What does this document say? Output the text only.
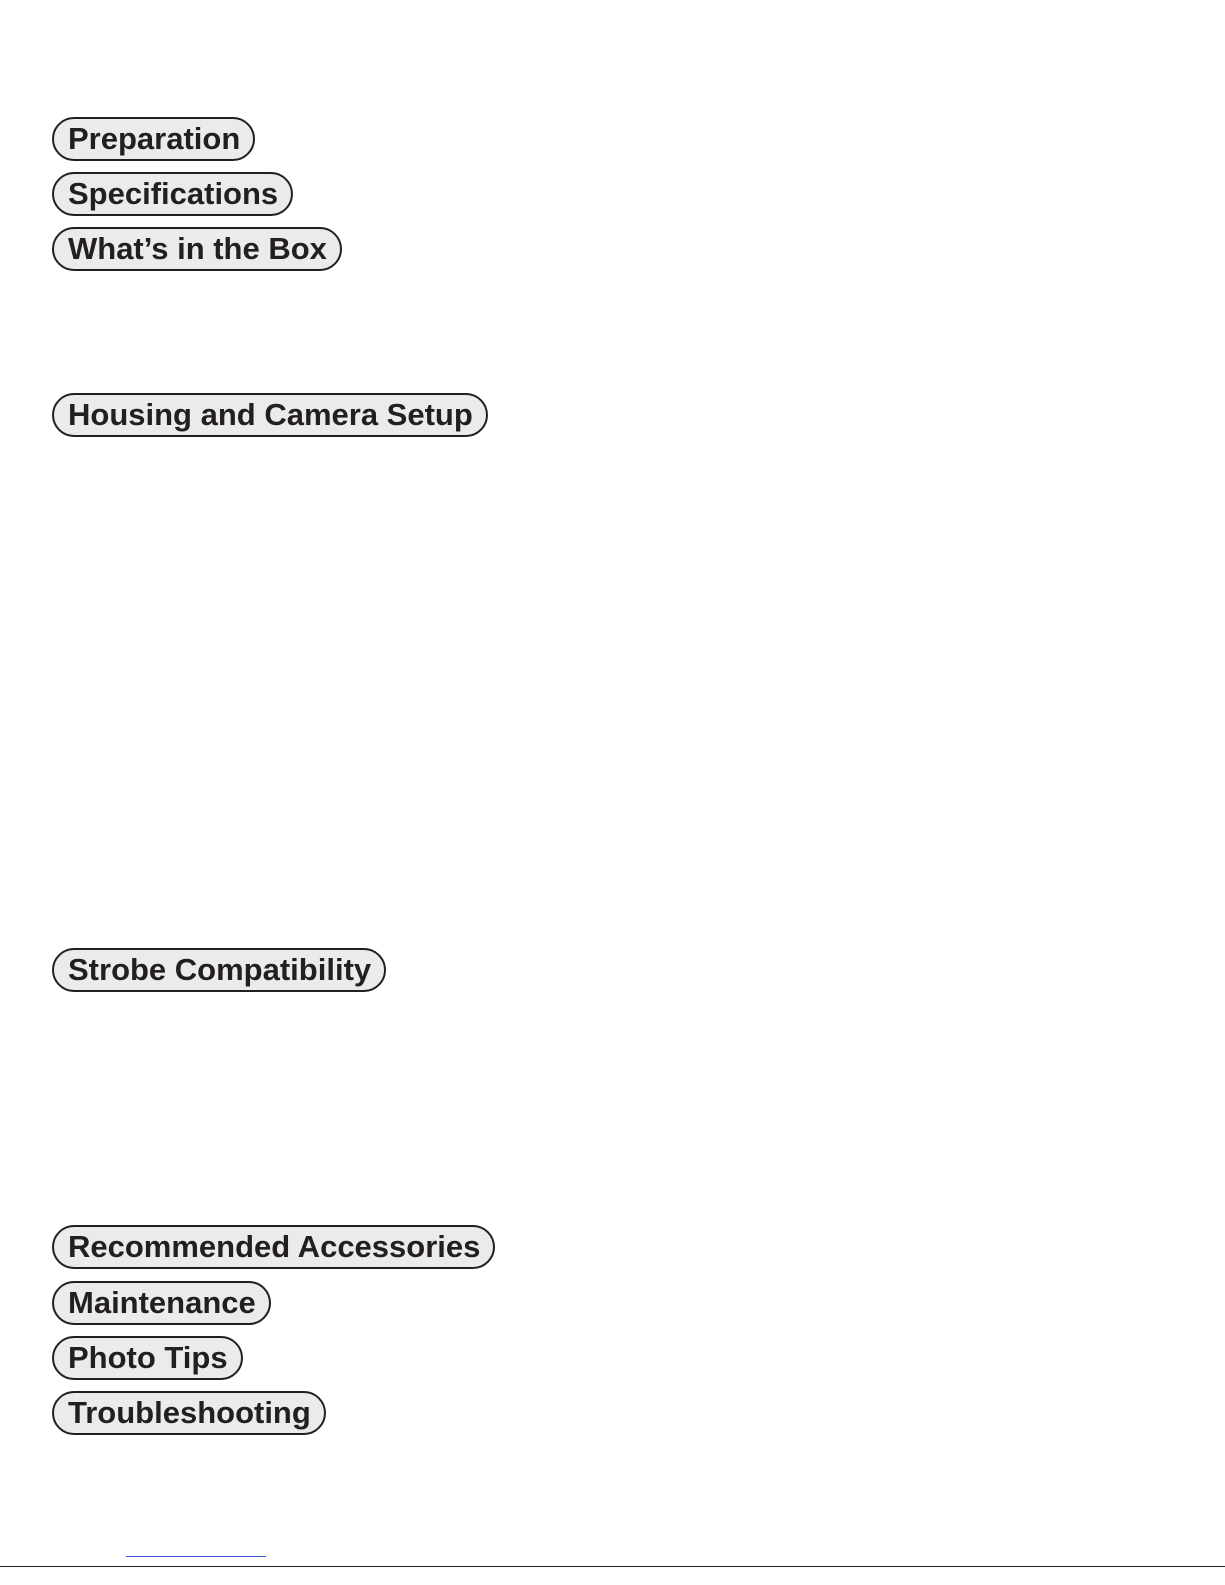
Preparation
Specifications
What’s in the Box
Housing and Camera Setup
Strobe Compatibility
Recommended Accessories
Maintenance
Photo Tips
Troubleshooting
